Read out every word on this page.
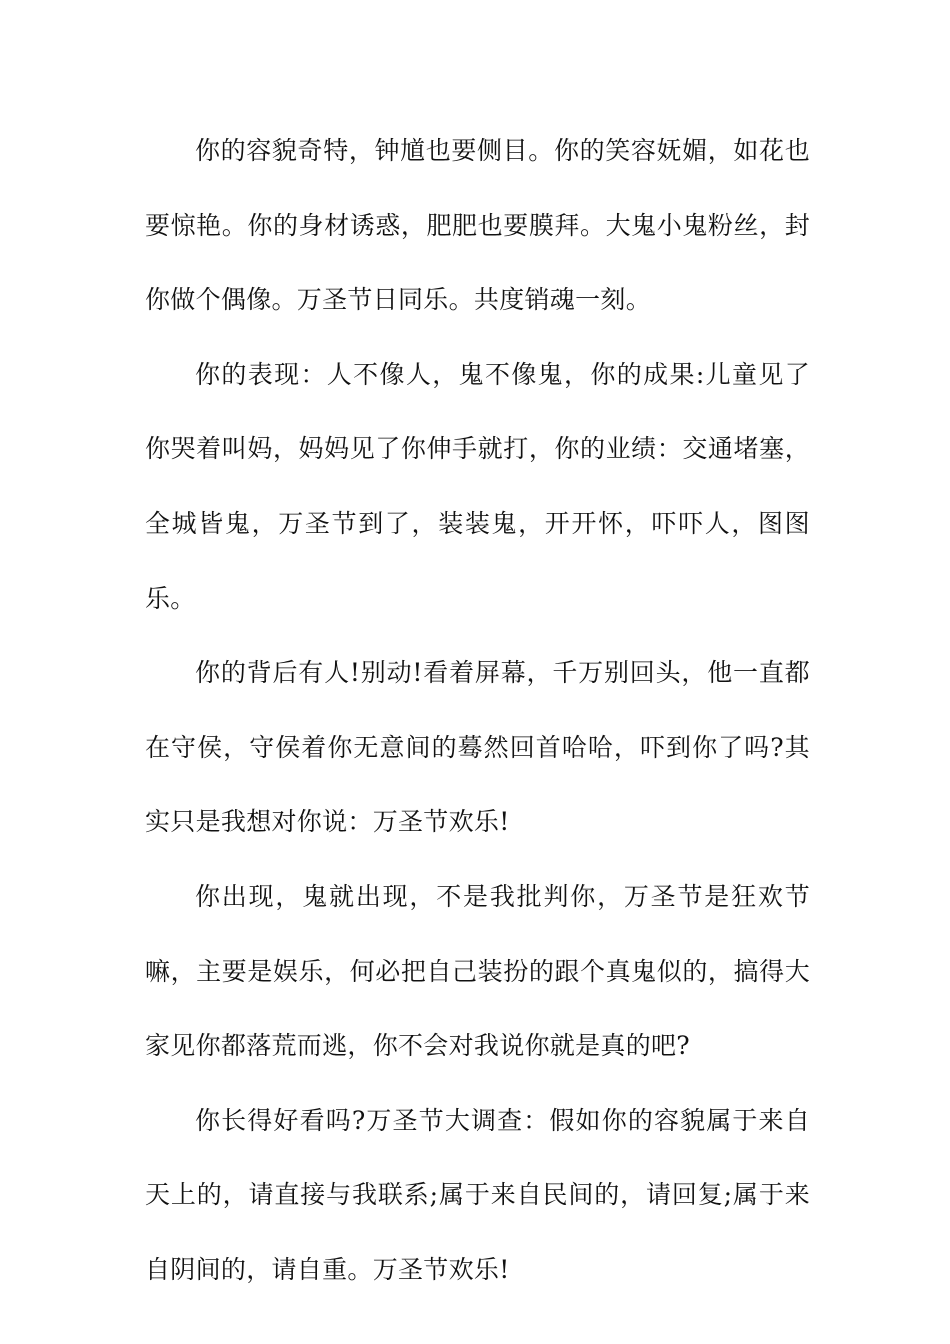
你的容貌奇特，钟馗也要侧目。你的笑容妩媚，如花也要惊艳。你的身材诱惑，肥肥也要膜拜。大鬼小鬼粉丝，封你做个偶像。万圣节日同乐。共度销魂一刻。

你的表现：人不像人，鬼不像鬼，你的成果:儿童见了你哭着叫妈，妈妈见了你伸手就打，你的业绩：交通堵塞，全城皆鬼，万圣节到了，装装鬼，开开怀，吓吓人，图图乐。

你的背后有人!别动!看着屏幕，千万别回头，他一直都在守侯，守侯着你无意间的蓦然回首哈哈，吓到你了吗?其实只是我想对你说：万圣节欢乐!

你出现，鬼就出现，不是我批判你，万圣节是狂欢节嘛，主要是娱乐，何必把自己装扮的跟个真鬼似的，搞得大家见你都落荒而逃，你不会对我说你就是真的吧?

你长得好看吗?万圣节大调查：假如你的容貌属于来自天上的，请直接与我联系;属于来自民间的，请回复;属于来自阴间的，请自重。万圣节欢乐!
